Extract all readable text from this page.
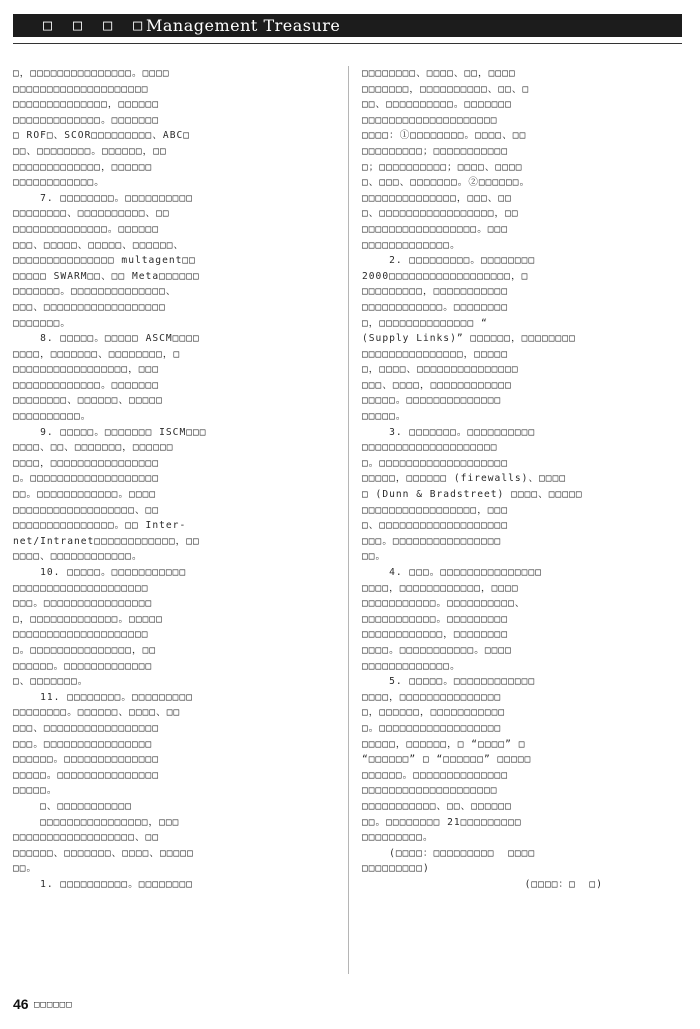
□ □ □ □
Management Treasure
□，□□□□□□□□□□□□□□□。□□□□
□□□□□□□□□□□□□□□□□□□□
□□□□□□□□□□□□□□，□□□□□□
□□□□□□□□□□□□□。□□□□□□□
□ ROF□、SCOR□□□□□□□□□、ABC□
□□、□□□□□□□□。□□□□□□，□□
□□□□□□□□□□□□□，□□□□□□
□□□□□□□□□□□□。
7. □□□□□□□□。□□□□□□□□□□
□□□□□□□□、□□□□□□□□□□、□□
□□□□□□□□□□□□□□。□□□□□□
□□□、□□□□□、□□□□□、□□□□□□、
□□□□□□□□□□□□□□□ multagent□□
□□□□□ SWARM□□、□□ Meta□□□□□□
□□□□□□□。□□□□□□□□□□□□□□、
□□□、□□□□□□□□□□□□□□□□□□
□□□□□□□。
8. □□□□□。□□□□□ ASCM□□□□
□□□□，□□□□□□□、□□□□□□□□，□
□□□□□□□□□□□□□□□□□，□□□
□□□□□□□□□□□□□。□□□□□□□
□□□□□□□□、□□□□□□、□□□□□
□□□□□□□□□□。
9. □□□□□。□□□□□□□ ISCM□□□
□□□□、□□、□□□□□□□，□□□□□□
□□□□，□□□□□□□□□□□□□□□□
□。□□□□□□□□□□□□□□□□□□□
□□。□□□□□□□□□□□□。□□□□
□□□□□□□□□□□□□□□□□□、□□
□□□□□□□□□□□□□□□。□□ Inter-
net/Intranet□□□□□□□□□□□□，□□
□□□□、□□□□□□□□□□□□。
10. □□□□□。□□□□□□□□□□□
□□□□□□□□□□□□□□□□□□□□
□□□。□□□□□□□□□□□□□□□□
□，□□□□□□□□□□□□□。□□□□□
□□□□□□□□□□□□□□□□□□□□
□。□□□□□□□□□□□□□□□，□□
□□□□□□。□□□□□□□□□□□□□
□、□□□□□□□。
11. □□□□□□□□。□□□□□□□□□
□□□□□□□□。□□□□□□、□□□□、□□
□□□、□□□□□□□□□□□□□□□□□
□□□。□□□□□□□□□□□□□□□□
□□□□□□。□□□□□□□□□□□□□□
□□□□□。□□□□□□□□□□□□□□□
□□□□□。
□、□□□□□□□□□□□
□□□□□□□□□□□□□□□□，□□□
□□□□□□□□□□□□□□□□□□、□□
□□□□□□、□□□□□□□、□□□□、□□□□□
□□。
1. □□□□□□□□□□。□□□□□□□□
□□□□□□□□、□□□□、□□，□□□□
□□□□□□□，□□□□□□□□□□、□□、□
□□、□□□□□□□□□□。□□□□□□□
□□□□□□□□□□□□□□□□□□□□
□□□□：①□□□□□□□□。□□□□、□□
□□□□□□□□□；□□□□□□□□□□□
□；□□□□□□□□□□；□□□□、□□□□
□、□□□、□□□□□□□。②□□□□□□。
□□□□□□□□□□□□□□，□□□、□□
□、□□□□□□□□□□□□□□□□□，□□
□□□□□□□□□□□□□□□□□。□□□
□□□□□□□□□□□□□。
2. □□□□□□□□□。□□□□□□□□
2000□□□□□□□□□□□□□□□□□□，□
□□□□□□□□□，□□□□□□□□□□□
□□□□□□□□□□□□。□□□□□□□□
□，□□□□□□□□□□□□□□ “
(Supply Links)” □□□□□□，□□□□□□□□
□□□□□□□□□□□□□□□，□□□□□
□，□□□□、□□□□□□□□□□□□□□□
□□□、□□□□，□□□□□□□□□□□□
□□□□□。□□□□□□□□□□□□□□
□□□□□。
3. □□□□□□□。□□□□□□□□□□
□□□□□□□□□□□□□□□□□□□□
□。□□□□□□□□□□□□□□□□□□□
□□□□□，□□□□□□ (firewalls)、□□□□
□ (Dunn & Bradstreet) □□□□、□□□□□
□□□□□□□□□□□□□□□□□，□□□
□、□□□□□□□□□□□□□□□□□□□
□□□。□□□□□□□□□□□□□□□□
□□。
4. □□□。□□□□□□□□□□□□□□□
□□□□，□□□□□□□□□□□□，□□□□
□□□□□□□□□□□。□□□□□□□□□□、
□□□□□□□□□□□。□□□□□□□□□
□□□□□□□□□□□□，□□□□□□□□
□□□□。□□□□□□□□□□□。□□□□
□□□□□□□□□□□□□。
5. □□□□□。□□□□□□□□□□□□
□□□□，□□□□□□□□□□□□□□□
□，□□□□□□，□□□□□□□□□□□
□。□□□□□□□□□□□□□□□□□□
□□□□□，□□□□□□，□ “□□□□” □
“□□□□□□” □ “□□□□□□” □□□□□
□□□□□□。□□□□□□□□□□□□□□
□□□□□□□□□□□□□□□□□□□□
□□□□□□□□□□□、□□、□□□□□□
□□。□□□□□□□□ 21□□□□□□□□□
□□□□□□□□□。
(□□□□：□□□□□□□□□  □□□□
□□□□□□□□□)
(□□□□：□  □)
46 □□□□□□
